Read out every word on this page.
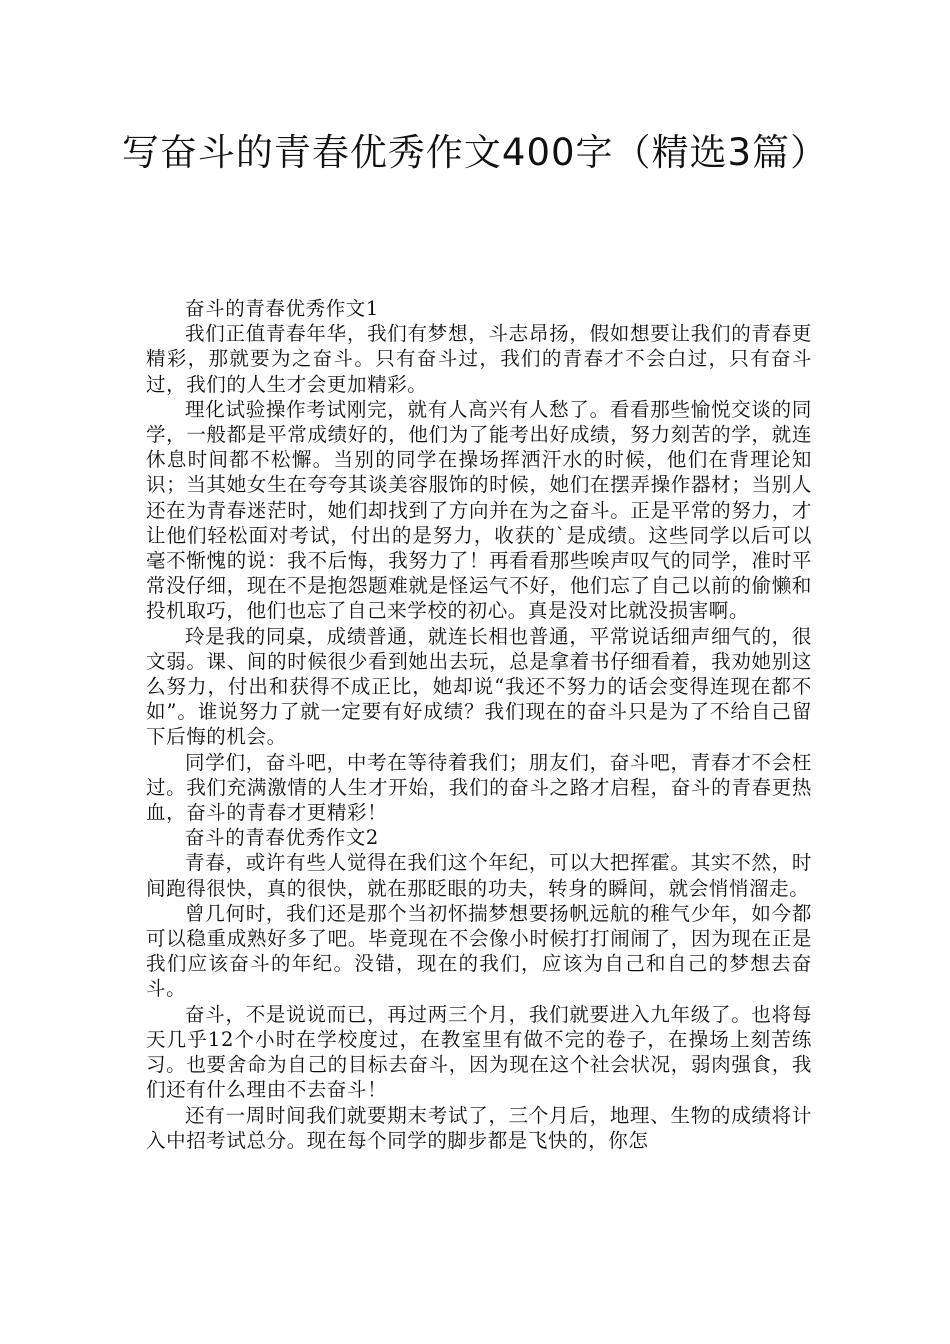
写奋斗的青春优秀作文400字（精选3篇）

奋斗的青春优秀作文1

我们正值青春年华，我们有梦想，斗志昂扬，假如想要让我们的青春更精彩，那就要为之奋斗。只有奋斗过，我们的青春才不会白过，只有奋斗过，我们的人生才会更加精彩。

理化试验操作考试刚完，就有人高兴有人愁了。看看那些愉悦交谈的同学，一般都是平常成绩好的，他们为了能考出好成绩，努力刻苦的学，就连休息时间都不松懈。当别的同学在操场挥洒汗水的时候，他们在背理论知识；当其她女生在夸夸其谈美容服饰的时候，她们在摆弄操作器材；当别人还在为青春迷茫时，她们却找到了方向并在为之奋斗。正是平常的努力，才让他们轻松面对考试，付出的是努力，收获的`是成绩。这些同学以后可以毫不惭愧的说：我不后悔，我努力了！再看看那些唉声叹气的同学，准时平常没仔细，现在不是抱怨题难就是怪运气不好，他们忘了自己以前的偷懒和投机取巧，他们也忘了自己来学校的初心。真是没对比就没损害啊。

玲是我的同桌，成绩普通，就连长相也普通，平常说话细声细气的，很文弱。课、间的时候很少看到她出去玩，总是拿着书仔细看着，我劝她别这么努力，付出和获得不成正比，她却说“我还不努力的话会变得连现在都不如”。谁说努力了就一定要有好成绩？我们现在的奋斗只是为了不给自己留下后悔的机会。

同学们，奋斗吧，中考在等待着我们；朋友们，奋斗吧，青春才不会枉过。我们充满激情的人生才开始，我们的奋斗之路才启程，奋斗的青春更热血，奋斗的青春才更精彩！

奋斗的青春优秀作文2

青春，或许有些人觉得在我们这个年纪，可以大把挥霍。其实不然，时间跑得很快，真的很快，就在那眨眼的功夫，转身的瞬间，就会悄悄溜走。

曾几何时，我们还是那个当初怀揣梦想要扬帆远航的稚气少年，如今都可以稳重成熟好多了吧。毕竟现在不会像小时候打打闹闹了，因为现在正是我们应该奋斗的年纪。没错，现在的我们，应该为自己和自己的梦想去奋斗。

奋斗，不是说说而已，再过两三个月，我们就要进入九年级了。也将每天几乎12个小时在学校度过，在教室里有做不完的卷子，在操场上刻苦练习。也要舍命为自己的目标去奋斗，因为现在这个社会状况，弱肉强食，我们还有什么理由不去奋斗！

还有一周时间我们就要期末考试了，三个月后，地理、生物的成绩将计入中招考试总分。现在每个同学的脚步都是飞快的，你怎
